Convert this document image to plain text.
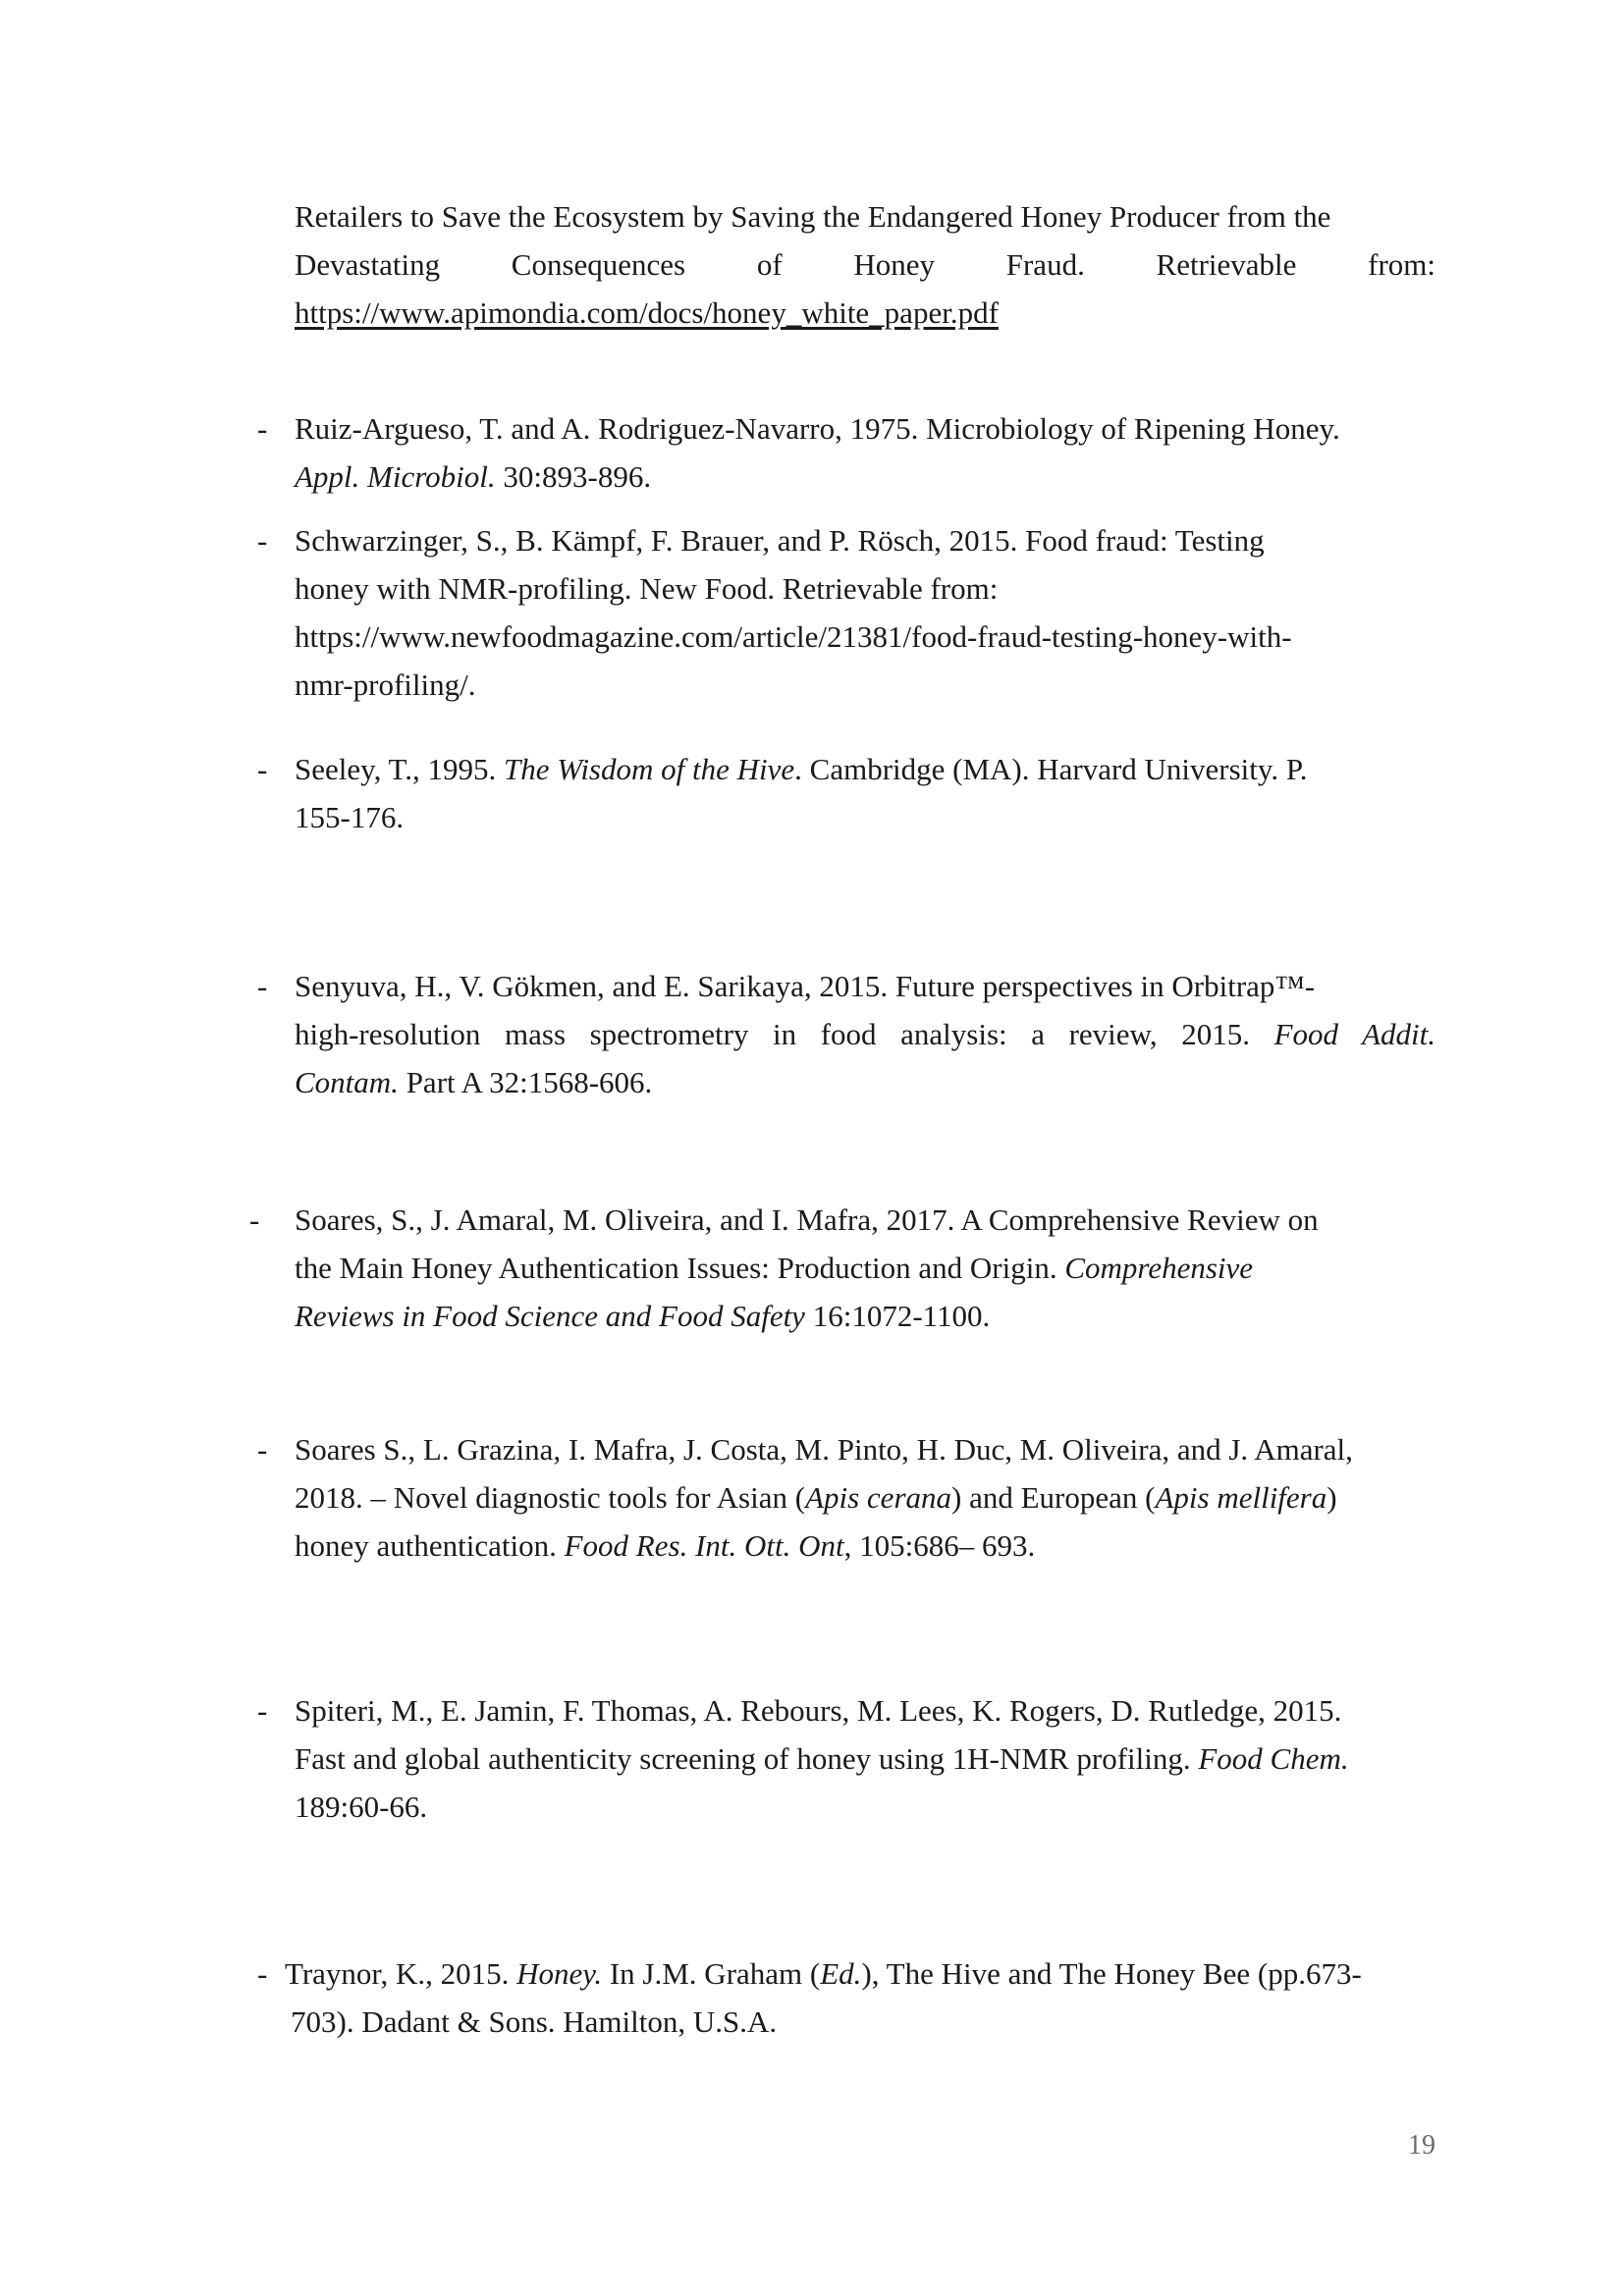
Retailers to Save the Ecosystem by Saving the Endangered Honey Producer from the
Devastating Consequences of Honey Fraud. Retrievable from:
https://www.apimondia.com/docs/honey_white_paper.pdf
- Ruiz-Argueso, T. and A. Rodriguez-Navarro, 1975. Microbiology of Ripening Honey.
Appl. Microbiol. 30:893-896.
- Schwarzinger, S., B. Kämpf, F. Brauer, and P. Rösch, 2015. Food fraud: Testing
honey with NMR-profiling. New Food. Retrievable from:
https://www.newfoodmagazine.com/article/21381/food-fraud-testing-honey-with-
nmr-profiling/.
- Seeley, T., 1995. The Wisdom of the Hive. Cambridge (MA). Harvard University. P.
155-176.
- Senyuva, H., V. Gökmen, and E. Sarikaya, 2015. Future perspectives in Orbitrap™-
high-resolution mass spectrometry in food analysis: a review, 2015. Food Addit.
Contam. Part A 32:1568-606.
- Soares, S., J. Amaral, M. Oliveira, and I. Mafra, 2017. A Comprehensive Review on
the Main Honey Authentication Issues: Production and Origin. Comprehensive
Reviews in Food Science and Food Safety 16:1072-1100.
- Soares S., L. Grazina, I. Mafra, J. Costa, M. Pinto, H. Duc, M. Oliveira, and J. Amaral,
2018. – Novel diagnostic tools for Asian (Apis cerana) and European (Apis mellifera)
honey authentication. Food Res. Int. Ott. Ont, 105:686– 693.
- Spiteri, M., E. Jamin, F. Thomas, A. Rebours, M. Lees, K. Rogers, D. Rutledge, 2015.
Fast and global authenticity screening of honey using 1H-NMR profiling. Food Chem.
189:60-66.
- Traynor, K., 2015. Honey. In J.M. Graham (Ed.), The Hive and The Honey Bee (pp.673-
703). Dadant & Sons. Hamilton, U.S.A.
19
